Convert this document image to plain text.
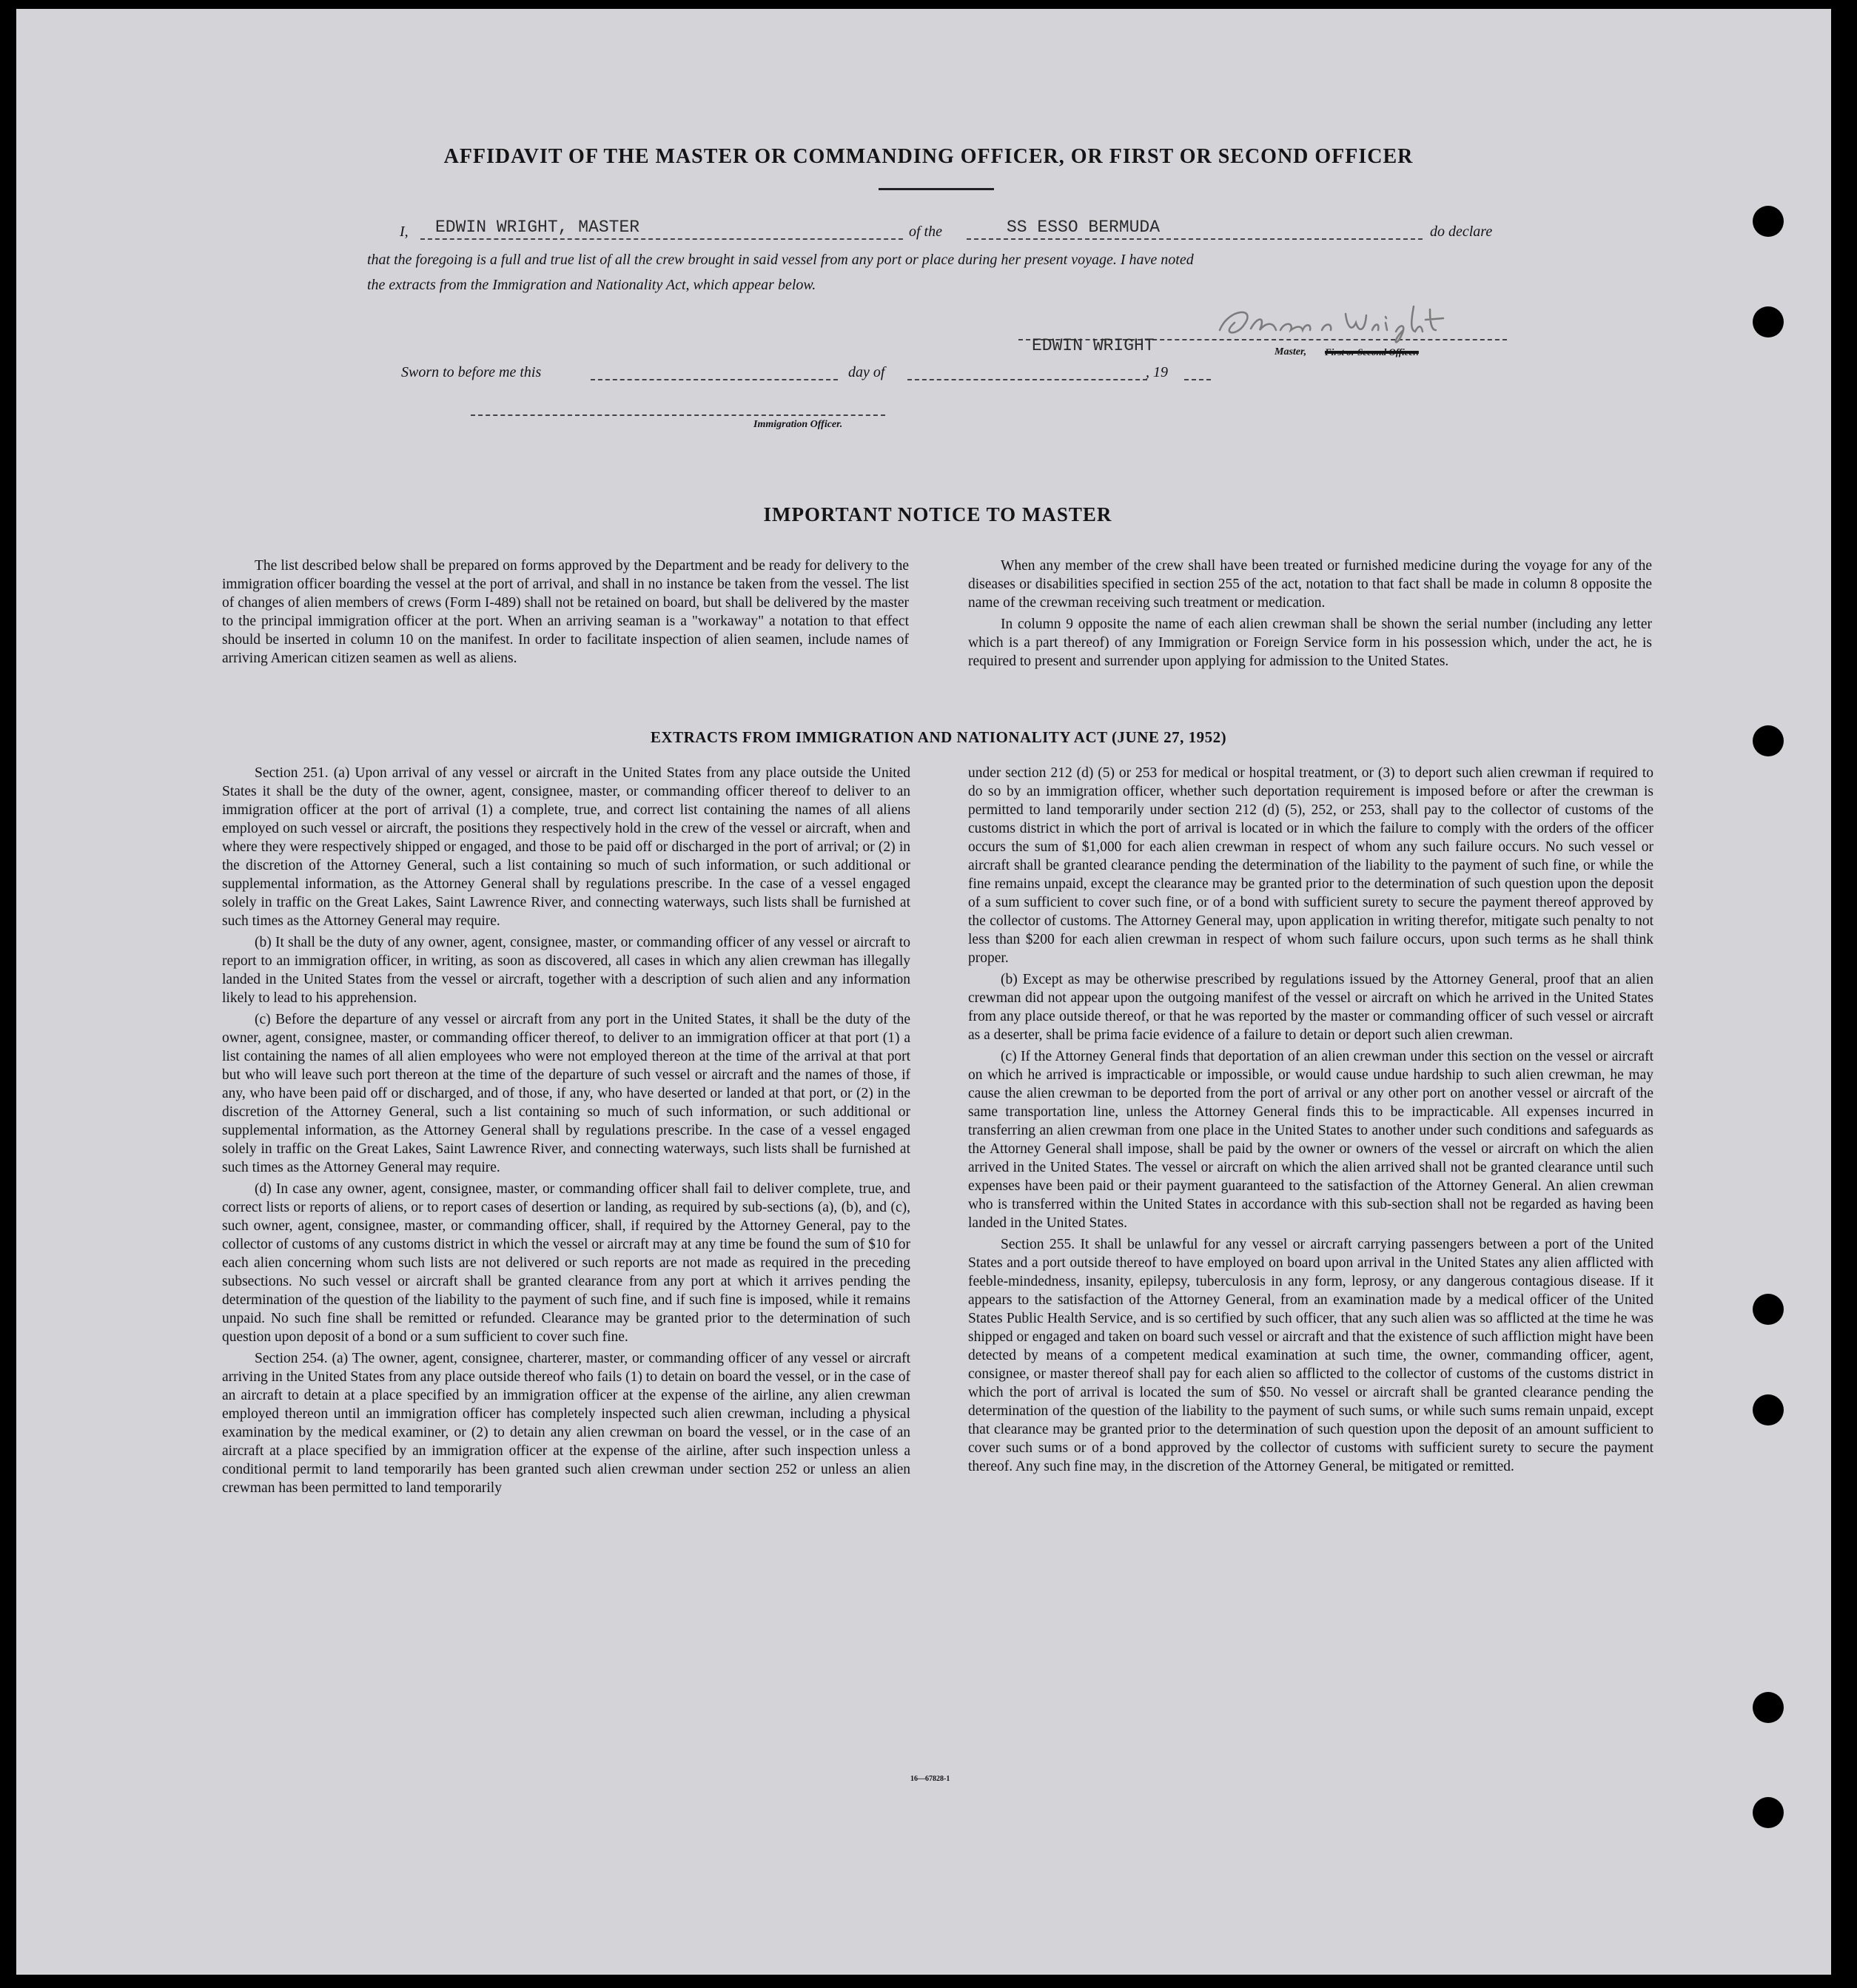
AFFIDAVIT OF THE MASTER OR COMMANDING OFFICER, OR FIRST OR SECOND OFFICER
I, EDWIN WRIGHT, MASTER	of the	SS ESSO BERMUDA	do declare
that the foregoing is a full and true list of all the crew brought in said vessel from any port or place during her present voyage. I have noted
the extracts from the Immigration and Nationality Act, which appear below.
EDWIN WRIGHT	Master, First or Second Officer.
Sworn to before me this	day of	, 19
Immigration Officer.
IMPORTANT NOTICE TO MASTER

The list described below shall be prepared on forms approved by the Department and be ready for delivery to the immigration officer boarding the vessel at the port of arrival, and shall in no instance be taken from the vessel. The list of changes of alien members of crews (Form I-489) shall not be retained on board, but shall be delivered by the master to the principal immigration officer at the port. When an arriving seaman is a "workaway" a notation to that effect should be inserted in column 10 on the manifest. In order to facilitate inspection of alien seamen, include names of arriving American citizen seamen as well as aliens.

When any member of the crew shall have been treated or furnished medicine during the voyage for any of the diseases or disabilities specified in section 255 of the act, notation to that fact shall be made in column 8 opposite the name of the crewman receiving such treatment or medication.

In column 9 opposite the name of each alien crewman shall be shown the serial number (including any letter which is a part thereof) of any Immigration or Foreign Service form in his possession which, under the act, he is required to present and surrender upon applying for admission to the United States.

EXTRACTS FROM IMMIGRATION AND NATIONALITY ACT (JUNE 27, 1952)

Section 251. (a) Upon arrival of any vessel or aircraft in the United States from any place outside the United States it shall be the duty of the owner, agent, consignee, master, or commanding officer thereof to deliver to an immigration officer at the port of arrival (1) a complete, true, and correct list containing the names of all aliens employed on such vessel or aircraft, the positions they respectively hold in the crew of the vessel or aircraft, when and where they were respectively shipped or engaged, and those to be paid off or discharged in the port of arrival; or (2) in the discretion of the Attorney General, such a list containing so much of such information, or such additional or supplemental information, as the Attorney General shall by regulations prescribe. In the case of a vessel engaged solely in traffic on the Great Lakes, Saint Lawrence River, and connecting waterways, such lists shall be furnished at such times as the Attorney General may require.

(b) It shall be the duty of any owner, agent, consignee, master, or commanding officer of any vessel or aircraft to report to an immigration officer, in writing, as soon as discovered, all cases in which any alien crewman has illegally landed in the United States from the vessel or aircraft, together with a description of such alien and any information likely to lead to his apprehension.

(c) Before the departure of any vessel or aircraft from any port in the United States, it shall be the duty of the owner, agent, consignee, master, or commanding officer thereof, to deliver to an immigration officer at that port (1) a list containing the names of all alien employees who were not employed thereon at the time of the arrival at that port but who will leave such port thereon at the time of the departure of such vessel or aircraft and the names of those, if any, who have been paid off or discharged, and of those, if any, who have deserted or landed at that port, or (2) in the discretion of the Attorney General, such a list containing so much of such information, or such additional or supplemental information, as the Attorney General shall by regulations prescribe. In the case of a vessel engaged solely in traffic on the Great Lakes, Saint Lawrence River, and connecting waterways, such lists shall be furnished at such times as the Attorney General may require.

(d) In case any owner, agent, consignee, master, or commanding officer shall fail to deliver complete, true, and correct lists or reports of aliens, or to report cases of desertion or landing, as required by sub-sections (a), (b), and (c), such owner, agent, consignee, master, or commanding officer, shall, if required by the Attorney General, pay to the collector of customs of any customs district in which the vessel or aircraft may at any time be found the sum of $10 for each alien concerning whom such lists are not delivered or such reports are not made as required in the preceding subsections. No such vessel or aircraft shall be granted clearance from any port at which it arrives pending the determination of the question of the liability to the payment of such fine, and if such fine is imposed, while it remains unpaid. No such fine shall be remitted or refunded. Clearance may be granted prior to the determination of such question upon deposit of a bond or a sum sufficient to cover such fine.

Section 254. (a) The owner, agent, consignee, charterer, master, or commanding officer of any vessel or aircraft arriving in the United States from any place outside thereof who fails (1) to detain on board the vessel, or in the case of an aircraft to detain at a place specified by an immigration officer at the expense of the airline, any alien crewman employed thereon until an immigration officer has completely inspected such alien crewman, including a physical examination by the medical examiner, or (2) to detain any alien crewman on board the vessel, or in the case of an aircraft at a place specified by an immigration officer at the expense of the airline, after such inspection unless a conditional permit to land temporarily has been granted such alien crewman under section 252 or unless an alien crewman has been permitted to land temporarily

under section 212 (d) (5) or 253 for medical or hospital treatment, or (3) to deport such alien crewman if required to do so by an immigration officer, whether such deportation requirement is imposed before or after the crewman is permitted to land temporarily under section 212 (d) (5), 252, or 253, shall pay to the collector of customs of the customs district in which the port of arrival is located or in which the failure to comply with the orders of the officer occurs the sum of $1,000 for each alien crewman in respect of whom any such failure occurs. No such vessel or aircraft shall be granted clearance pending the determination of the liability to the payment of such fine, or while the fine remains unpaid, except the clearance may be granted prior to the determination of such question upon the deposit of a sum sufficient to cover such fine, or of a bond with sufficient surety to secure the payment thereof approved by the collector of customs. The Attorney General may, upon application in writing therefor, mitigate such penalty to not less than $200 for each alien crewman in respect of whom such failure occurs, upon such terms as he shall think proper.

(b) Except as may be otherwise prescribed by regulations issued by the Attorney General, proof that an alien crewman did not appear upon the outgoing manifest of the vessel or aircraft on which he arrived in the United States from any place outside thereof, or that he was reported by the master or commanding officer of such vessel or aircraft as a deserter, shall be prima facie evidence of a failure to detain or deport such alien crewman.

(c) If the Attorney General finds that deportation of an alien crewman under this section on the vessel or aircraft on which he arrived is impracticable or impossible, or would cause undue hardship to such alien crewman, he may cause the alien crewman to be deported from the port of arrival or any other port on another vessel or aircraft of the same transportation line, unless the Attorney General finds this to be impracticable. All expenses incurred in transferring an alien crewman from one place in the United States to another under such conditions and safeguards as the Attorney General shall impose, shall be paid by the owner or owners of the vessel or aircraft on which the alien arrived in the United States. The vessel or aircraft on which the alien arrived shall not be granted clearance until such expenses have been paid or their payment guaranteed to the satisfaction of the Attorney General. An alien crewman who is transferred within the United States in accordance with this sub-section shall not be regarded as having been landed in the United States.

Section 255. It shall be unlawful for any vessel or aircraft carrying passengers between a port of the United States and a port outside thereof to have employed on board upon arrival in the United States any alien afflicted with feeble-mindedness, insanity, epilepsy, tuberculosis in any form, leprosy, or any dangerous contagious disease. If it appears to the satisfaction of the Attorney General, from an examination made by a medical officer of the United States Public Health Service, and is so certified by such officer, that any such alien was so afflicted at the time he was shipped or engaged and taken on board such vessel or aircraft and that the existence of such affliction might have been detected by means of a competent medical examination at such time, the owner, commanding officer, agent, consignee, or master thereof shall pay for each alien so afflicted to the collector of customs of the customs district in which the port of arrival is located the sum of $50. No vessel or aircraft shall be granted clearance pending the determination of the question of the liability to the payment of such sums, or while such sums remain unpaid, except that clearance may be granted prior to the determination of such question upon the deposit of an amount sufficient to cover such sums or of a bond approved by the collector of customs with sufficient surety to secure the payment thereof. Any such fine may, in the discretion of the Attorney General, be mitigated or remitted.

16—67828-1
